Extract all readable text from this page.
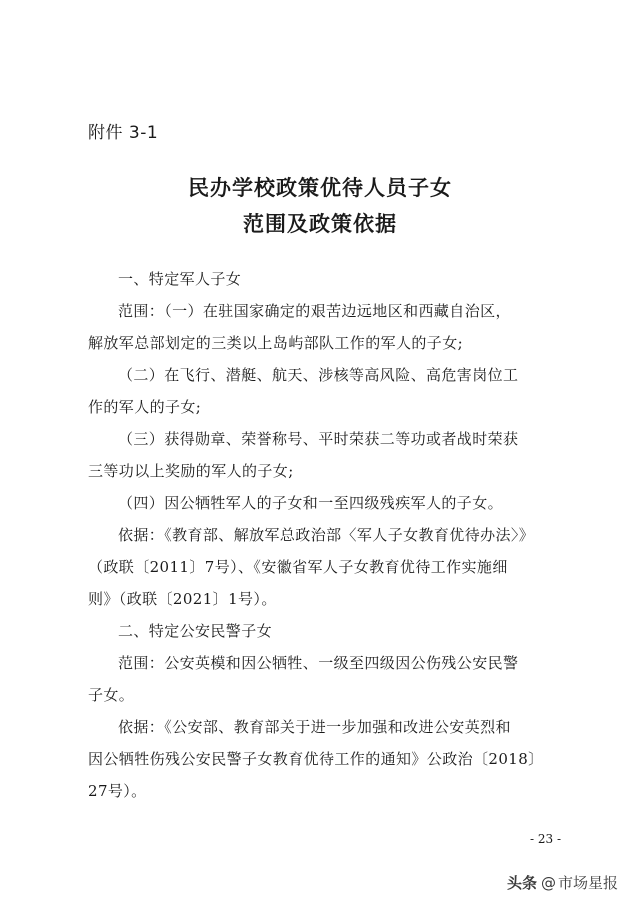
附件 3-1
民办学校政策优待人员子女
范围及政策依据
一、特定军人子女
范围：（一）在驻国家确定的艰苦边远地区和西藏自治区，
解放军总部划定的三类以上岛屿部队工作的军人的子女;
（二）在飞行、潜艇、航天、涉核等高风险、高危害岗位工
作的军人的子女;
（三）获得勋章、荣誉称号、平时荣获二等功或者战时荣获
三等功以上奖励的军人的子女;
（四）因公牺牲军人的子女和一至四级残疾军人的子女。
依据：《教育部、解放军总政治部〈军人子女教育优待办法〉》
（政联〔2011〕7号）、《安徽省军人子女教育优待工作实施细
则》（政联〔2021〕1号）。
二、特定公安民警子女
范围：公安英模和因公牺牲、一级至四级因公伤残公安民警
子女。
依据：《公安部、教育部关于进一步加强和改进公安英烈和
因公牺牲伤残公安民警子女教育优待工作的通知》公政治〔2018〕
27号）。
- 23 -
头条 @ 市场星报
